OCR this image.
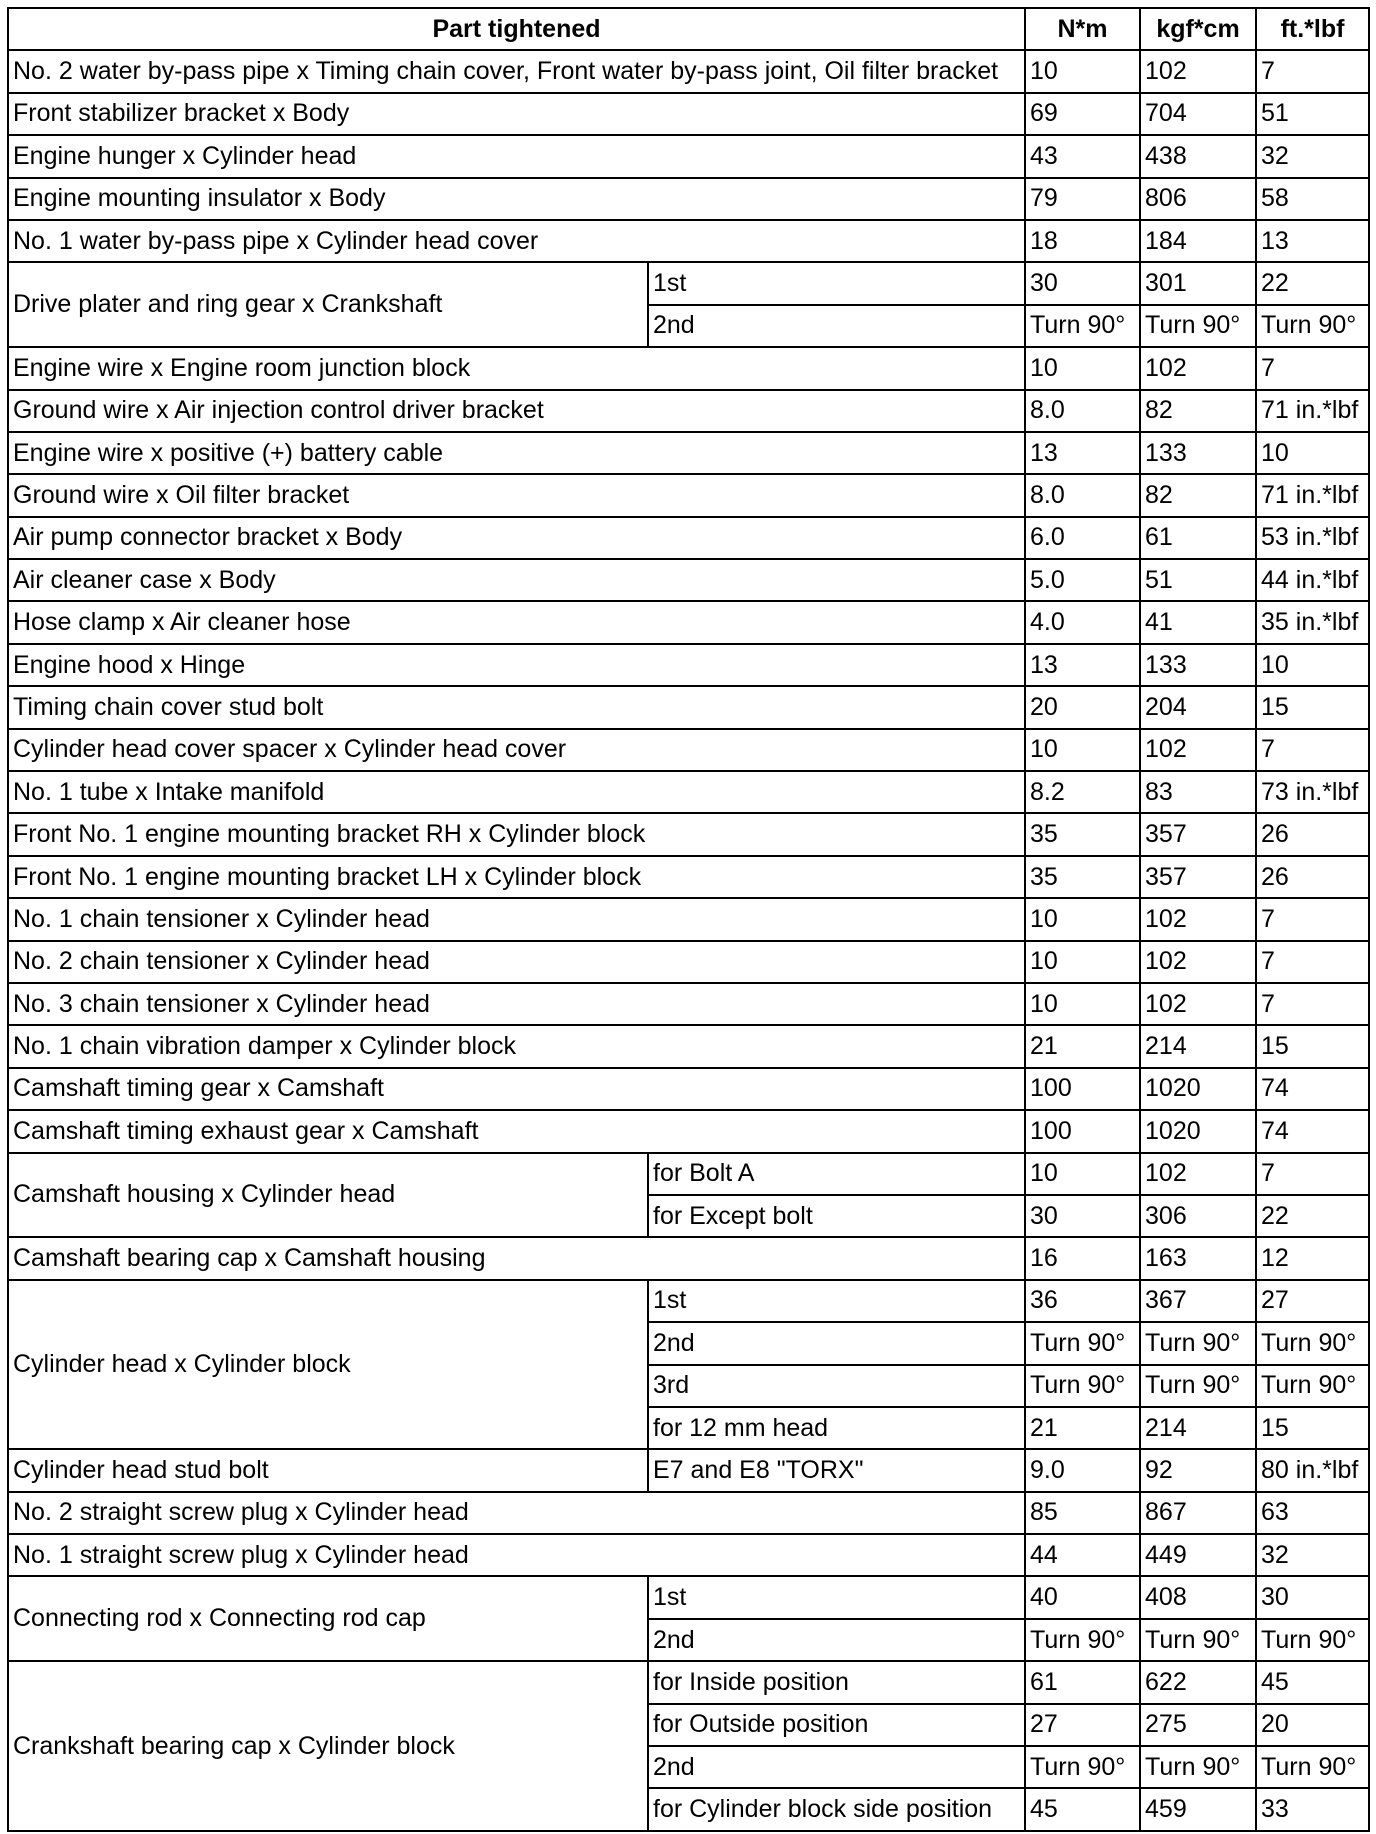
Part tightened		N*m	kgf*cm	ft.*lbf
No. 2 water by-pass pipe x Timing chain cover, Front water by-pass joint, Oil filter bracket		10	102	7
Front stabilizer bracket x Body		69	704	51
Engine hunger x Cylinder head		43	438	32
Engine mounting insulator x Body		79	806	58
No. 1 water by-pass pipe x Cylinder head cover		18	184	13
Drive plater and ring gear x Crankshaft	1st	30	301	22
	2nd	Turn 90°	Turn 90°	Turn 90°
Engine wire x Engine room junction block		10	102	7
Ground wire x Air injection control driver bracket		8.0	82	71 in.*lbf
Engine wire x positive (+) battery cable		13	133	10
Ground wire x Oil filter bracket		8.0	82	71 in.*lbf
Air pump connector bracket x Body		6.0	61	53 in.*lbf
Air cleaner case x Body		5.0	51	44 in.*lbf
Hose clamp x Air cleaner hose		4.0	41	35 in.*lbf
Engine hood x Hinge		13	133	10
Timing chain cover stud bolt		20	204	15
Cylinder head cover spacer x Cylinder head cover		10	102	7
No. 1 tube x Intake manifold		8.2	83	73 in.*lbf
Front No. 1 engine mounting bracket RH x Cylinder block		35	357	26
Front No. 1 engine mounting bracket LH x Cylinder block		35	357	26
No. 1 chain tensioner x Cylinder head		10	102	7
No. 2 chain tensioner x Cylinder head		10	102	7
No. 3 chain tensioner x Cylinder head		10	102	7
No. 1 chain vibration damper x Cylinder block		21	214	15
Camshaft timing gear x Camshaft		100	1020	74
Camshaft timing exhaust gear x Camshaft		100	1020	74
Camshaft housing x Cylinder head	for Bolt A	10	102	7
	for Except bolt	30	306	22
Camshaft bearing cap x Camshaft housing		16	163	12
Cylinder head x Cylinder block	1st	36	367	27
	2nd	Turn 90°	Turn 90°	Turn 90°
	3rd	Turn 90°	Turn 90°	Turn 90°
	for 12 mm head	21	214	15
Cylinder head stud bolt	E7 and E8 "TORX"	9.0	92	80 in.*lbf
No. 2 straight screw plug x Cylinder head		85	867	63
No. 1 straight screw plug x Cylinder head		44	449	32
Connecting rod x Connecting rod cap	1st	40	408	30
	2nd	Turn 90°	Turn 90°	Turn 90°
Crankshaft bearing cap x Cylinder block	for Inside position	61	622	45
	for Outside position	27	275	20
	2nd	Turn 90°	Turn 90°	Turn 90°
	for Cylinder block side position	45	459	33
